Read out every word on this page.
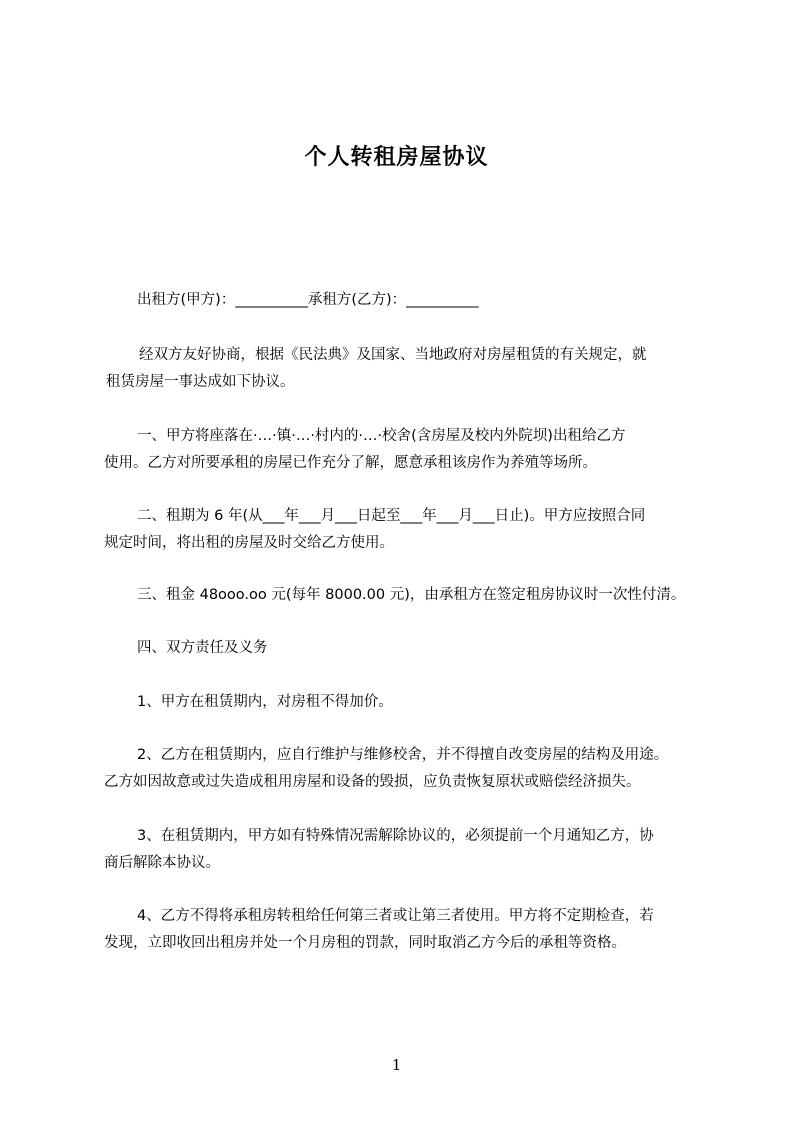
个人转租房屋协议
出租方(甲方)：__________承租方(乙方)：__________
经双方友好协商，根据《民法典》及国家、当地政府对房屋租赁的有关规定，就
租赁房屋一事达成如下协议。
一、甲方将座落在·…·镇·…·村内的·…·校舍(含房屋及校内外院坝)出租给乙方
使用。乙方对所要承租的房屋已作充分了解，愿意承租该房作为养殖等场所。
二、租期为 6 年(从___年___月___日起至___年___月___日止)。甲方应按照合同
规定时间，将出租的房屋及时交给乙方使用。
三、租金 48ooo.oo 元(每年 8000.00 元)，由承租方在签定租房协议时一次性付清。
四、双方责任及义务
1、甲方在租赁期内，对房租不得加价。
2、乙方在租赁期内，应自行维护与维修校舍，并不得擅自改变房屋的结构及用途。
乙方如因故意或过失造成租用房屋和设备的毁损，应负责恢复原状或赔偿经济损失。
3、在租赁期内，甲方如有特殊情况需解除协议的，必须提前一个月通知乙方，协
商后解除本协议。
4、乙方不得将承租房转租给任何第三者或让第三者使用。甲方将不定期检查，若
发现，立即收回出租房并处一个月房租的罚款，同时取消乙方今后的承租等资格。
1
